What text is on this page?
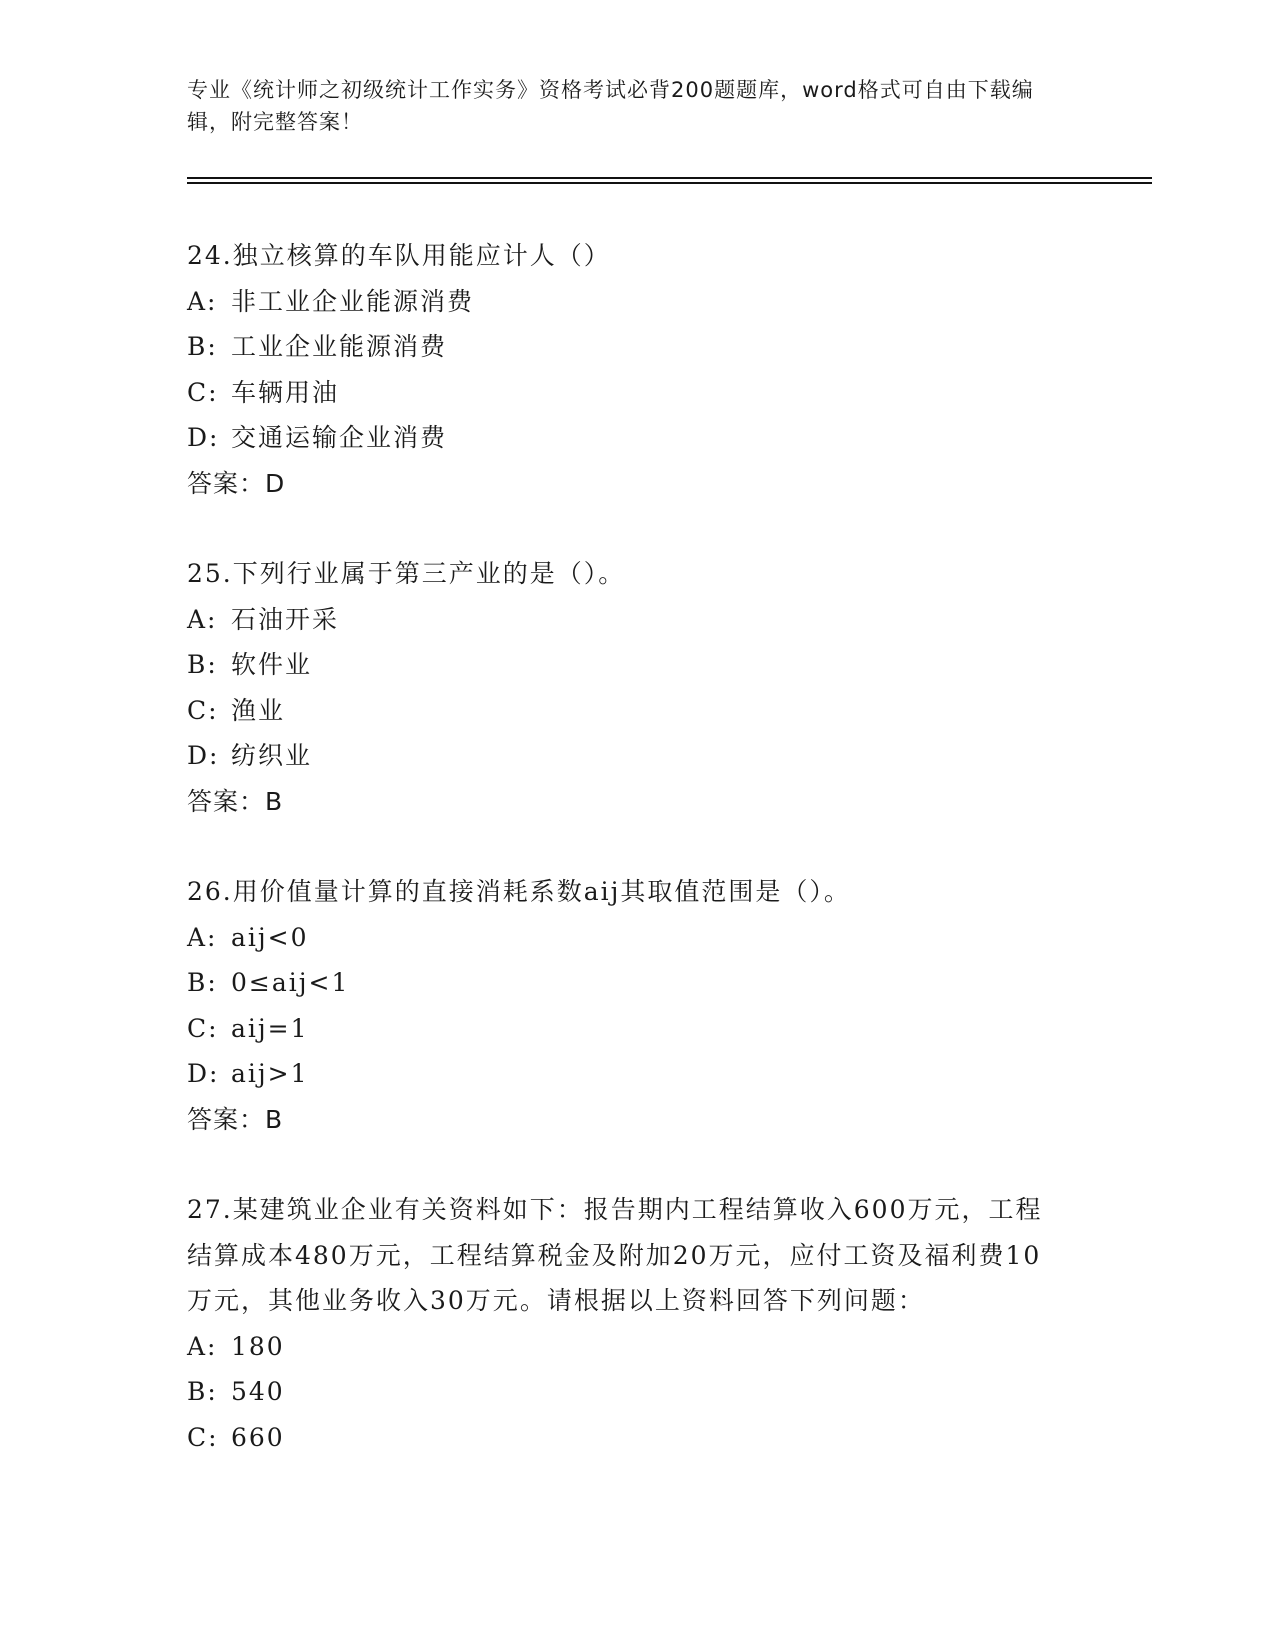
专业《统计师之初级统计工作实务》资格考试必背200题题库，word格式可自由下载编辑，附完整答案！
24.独立核算的车队用能应计人（）
A: 非工业企业能源消费
B: 工业企业能源消费
C: 车辆用油
D: 交通运输企业消费
答案：D
25.下列行业属于第三产业的是（）。
A: 石油开采
B: 软件业
C: 渔业
D: 纺织业
答案：B
26.用价值量计算的直接消耗系数aij其取值范围是（）。
A: aij<0
B: 0≤aij<1
C: aij=1
D: aij>1
答案：B
27.某建筑业企业有关资料如下：报告期内工程结算收入600万元，工程结算成本480万元，工程结算税金及附加20万元，应付工资及福利费10万元，其他业务收入30万元。请根据以上资料回答下列问题：
A: 180
B: 540
C: 660
